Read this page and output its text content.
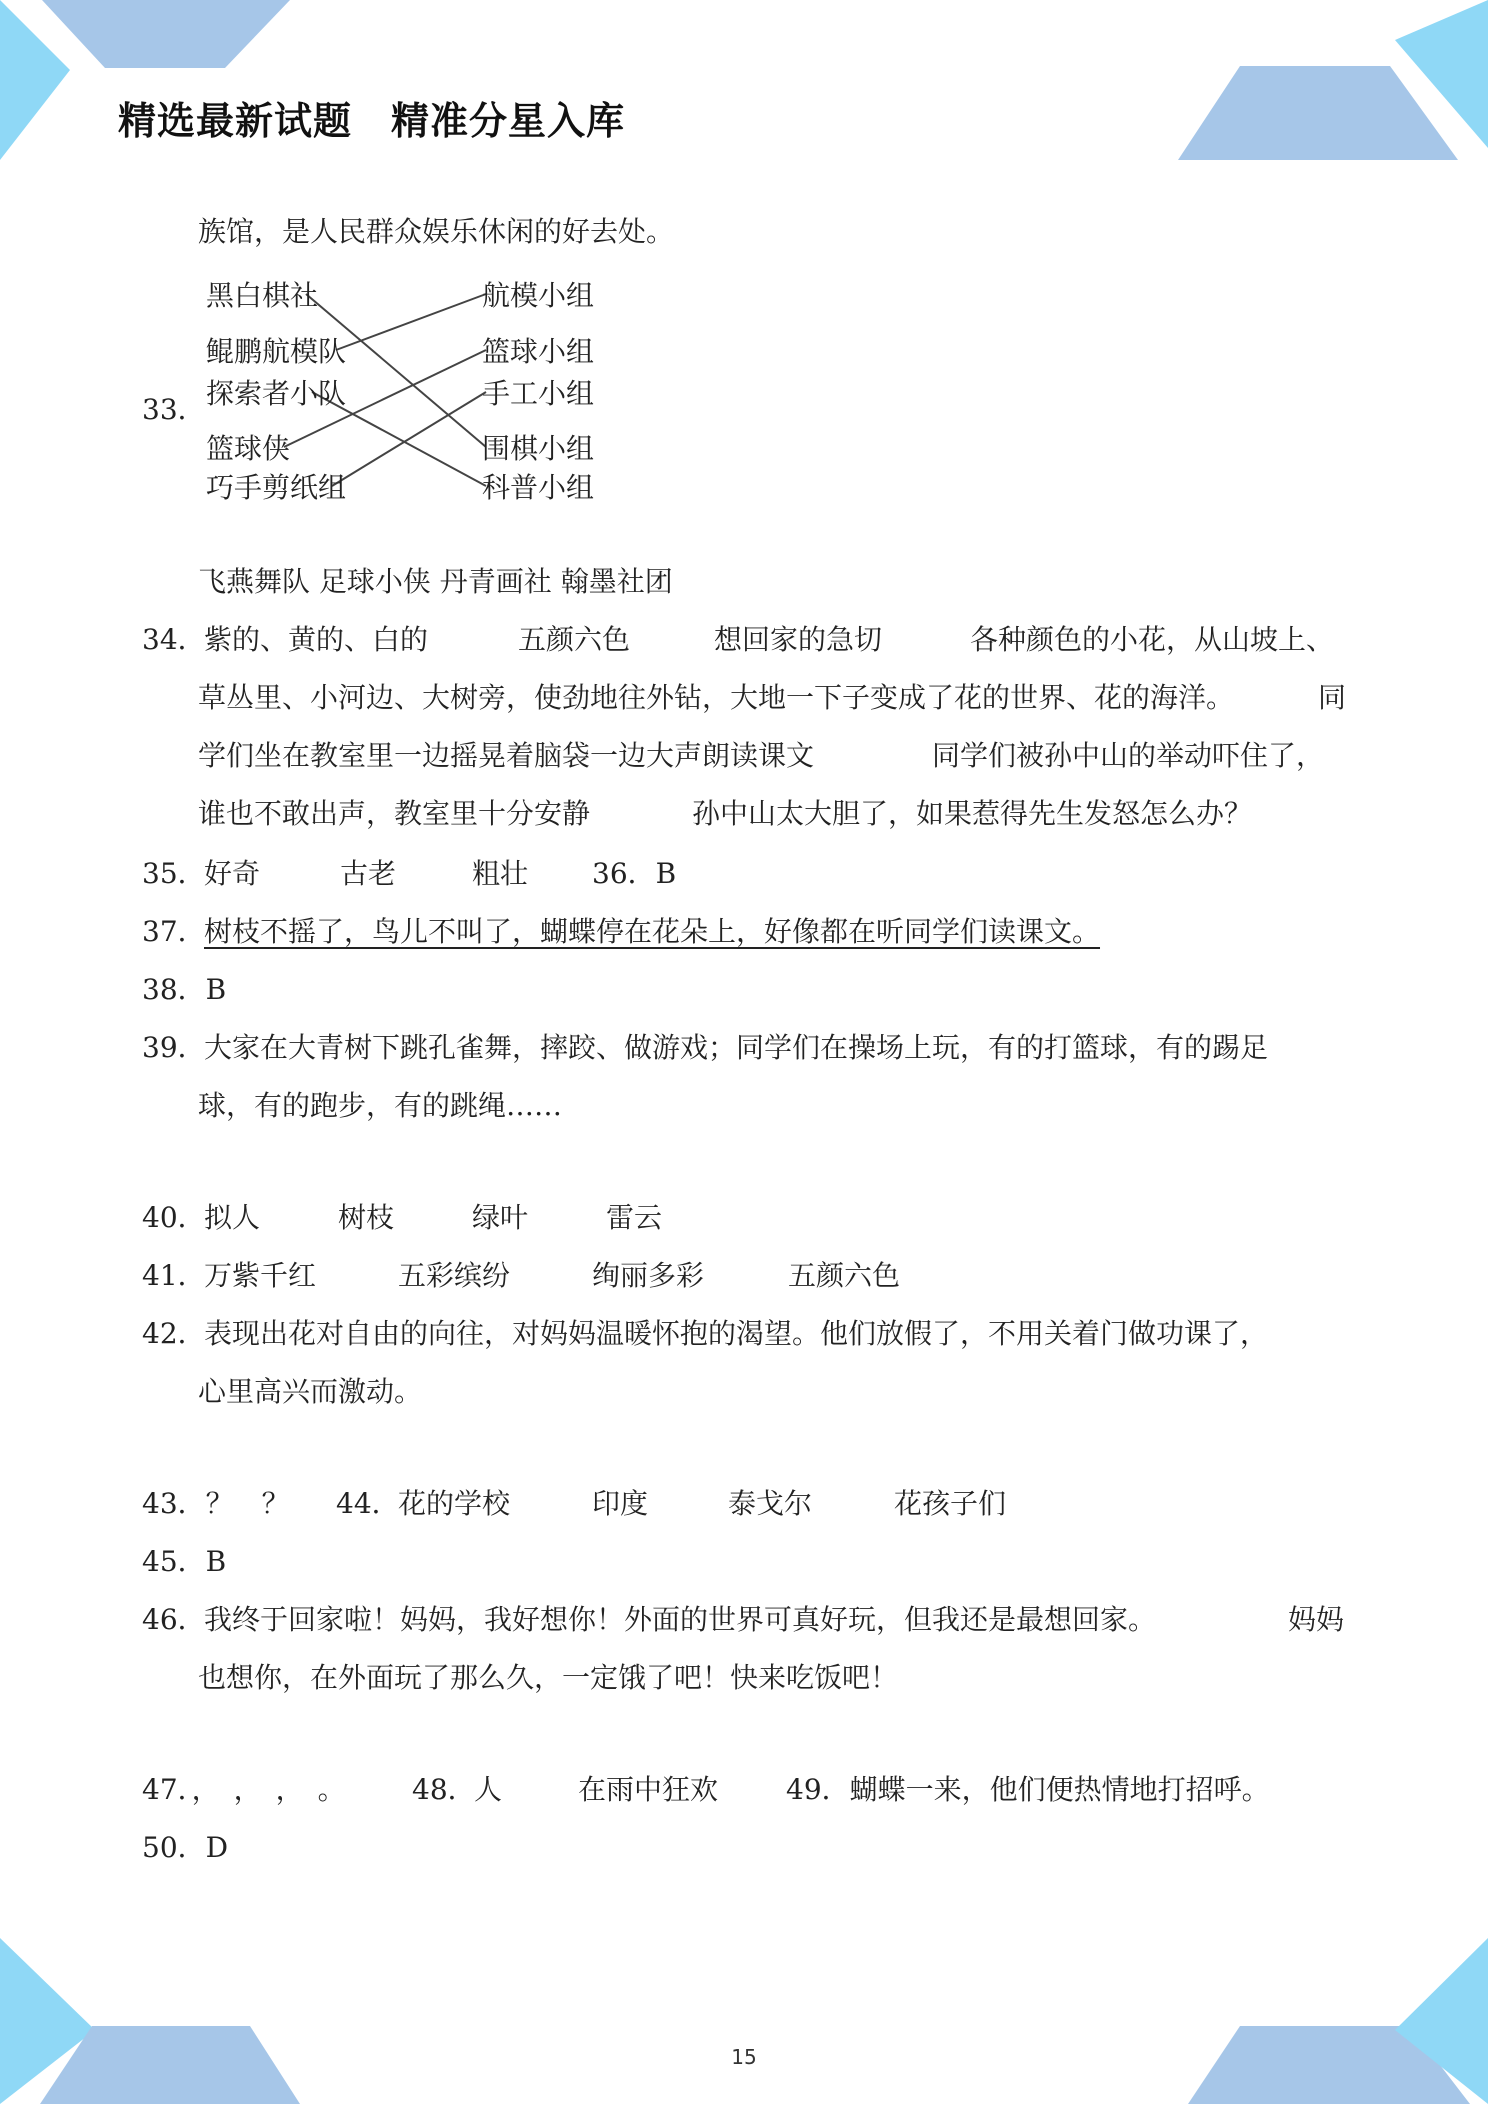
精选最新试题　精准分星入库
族馆，是人民群众娱乐休闲的好去处。
33．
黑白棋社
鲲鹏航模队
探索者小队
篮球侠
巧手剪纸组
航模小组
篮球小组
手工小组
围棋小组
科普小组
飞燕舞队 足球小侠 丹青画社 翰墨社团
34．
紫的、黄的、白的	五颜六色	想回家的急切	各种颜色的小花，从山坡上、
草丛里、小河边、大树旁，使劲地往外钻，大地一下子变成了花的世界、花的海洋。	同
学们坐在教室里一边摇晃着脑袋一边大声朗读课文	同学们被孙中山的举动吓住了，
谁也不敢出声，教室里十分安静	孙中山太大胆了，如果惹得先生发怒怎么办？
35．
好奇	古老	粗壮 36．B
37．
树枝不摇了，鸟儿不叫了，蝴蝶停在花朵上，好像都在听同学们读课文。
38．B
39．
大家在大青树下跳孔雀舞，摔跤、做游戏；同学们在操场上玩，有的打篮球，有的踢足
球，有的跑步，有的跳绳……
40．
拟人	树枝	绿叶	雷云
41．
万紫千红	五彩缤纷	绚丽多彩	五颜六色
42．
表现出花对自由的向往，对妈妈温暖怀抱的渴望。他们放假了，不用关着门做功课了，
心里高兴而激动。
43．？　？ 44．
花的学校	印度	泰戈尔	花孩子们
45．B
46．
我终于回家啦！妈妈，我好想你！外面的世界可真好玩，但我还是最想回家。	妈妈
也想你，在外面玩了那么久，一定饿了吧！快来吃饭吧！
47．，　，　，　。 48．
人	在雨中狂欢 49．蝴蝶一来，他们便热情地打招呼。
50．D
15
